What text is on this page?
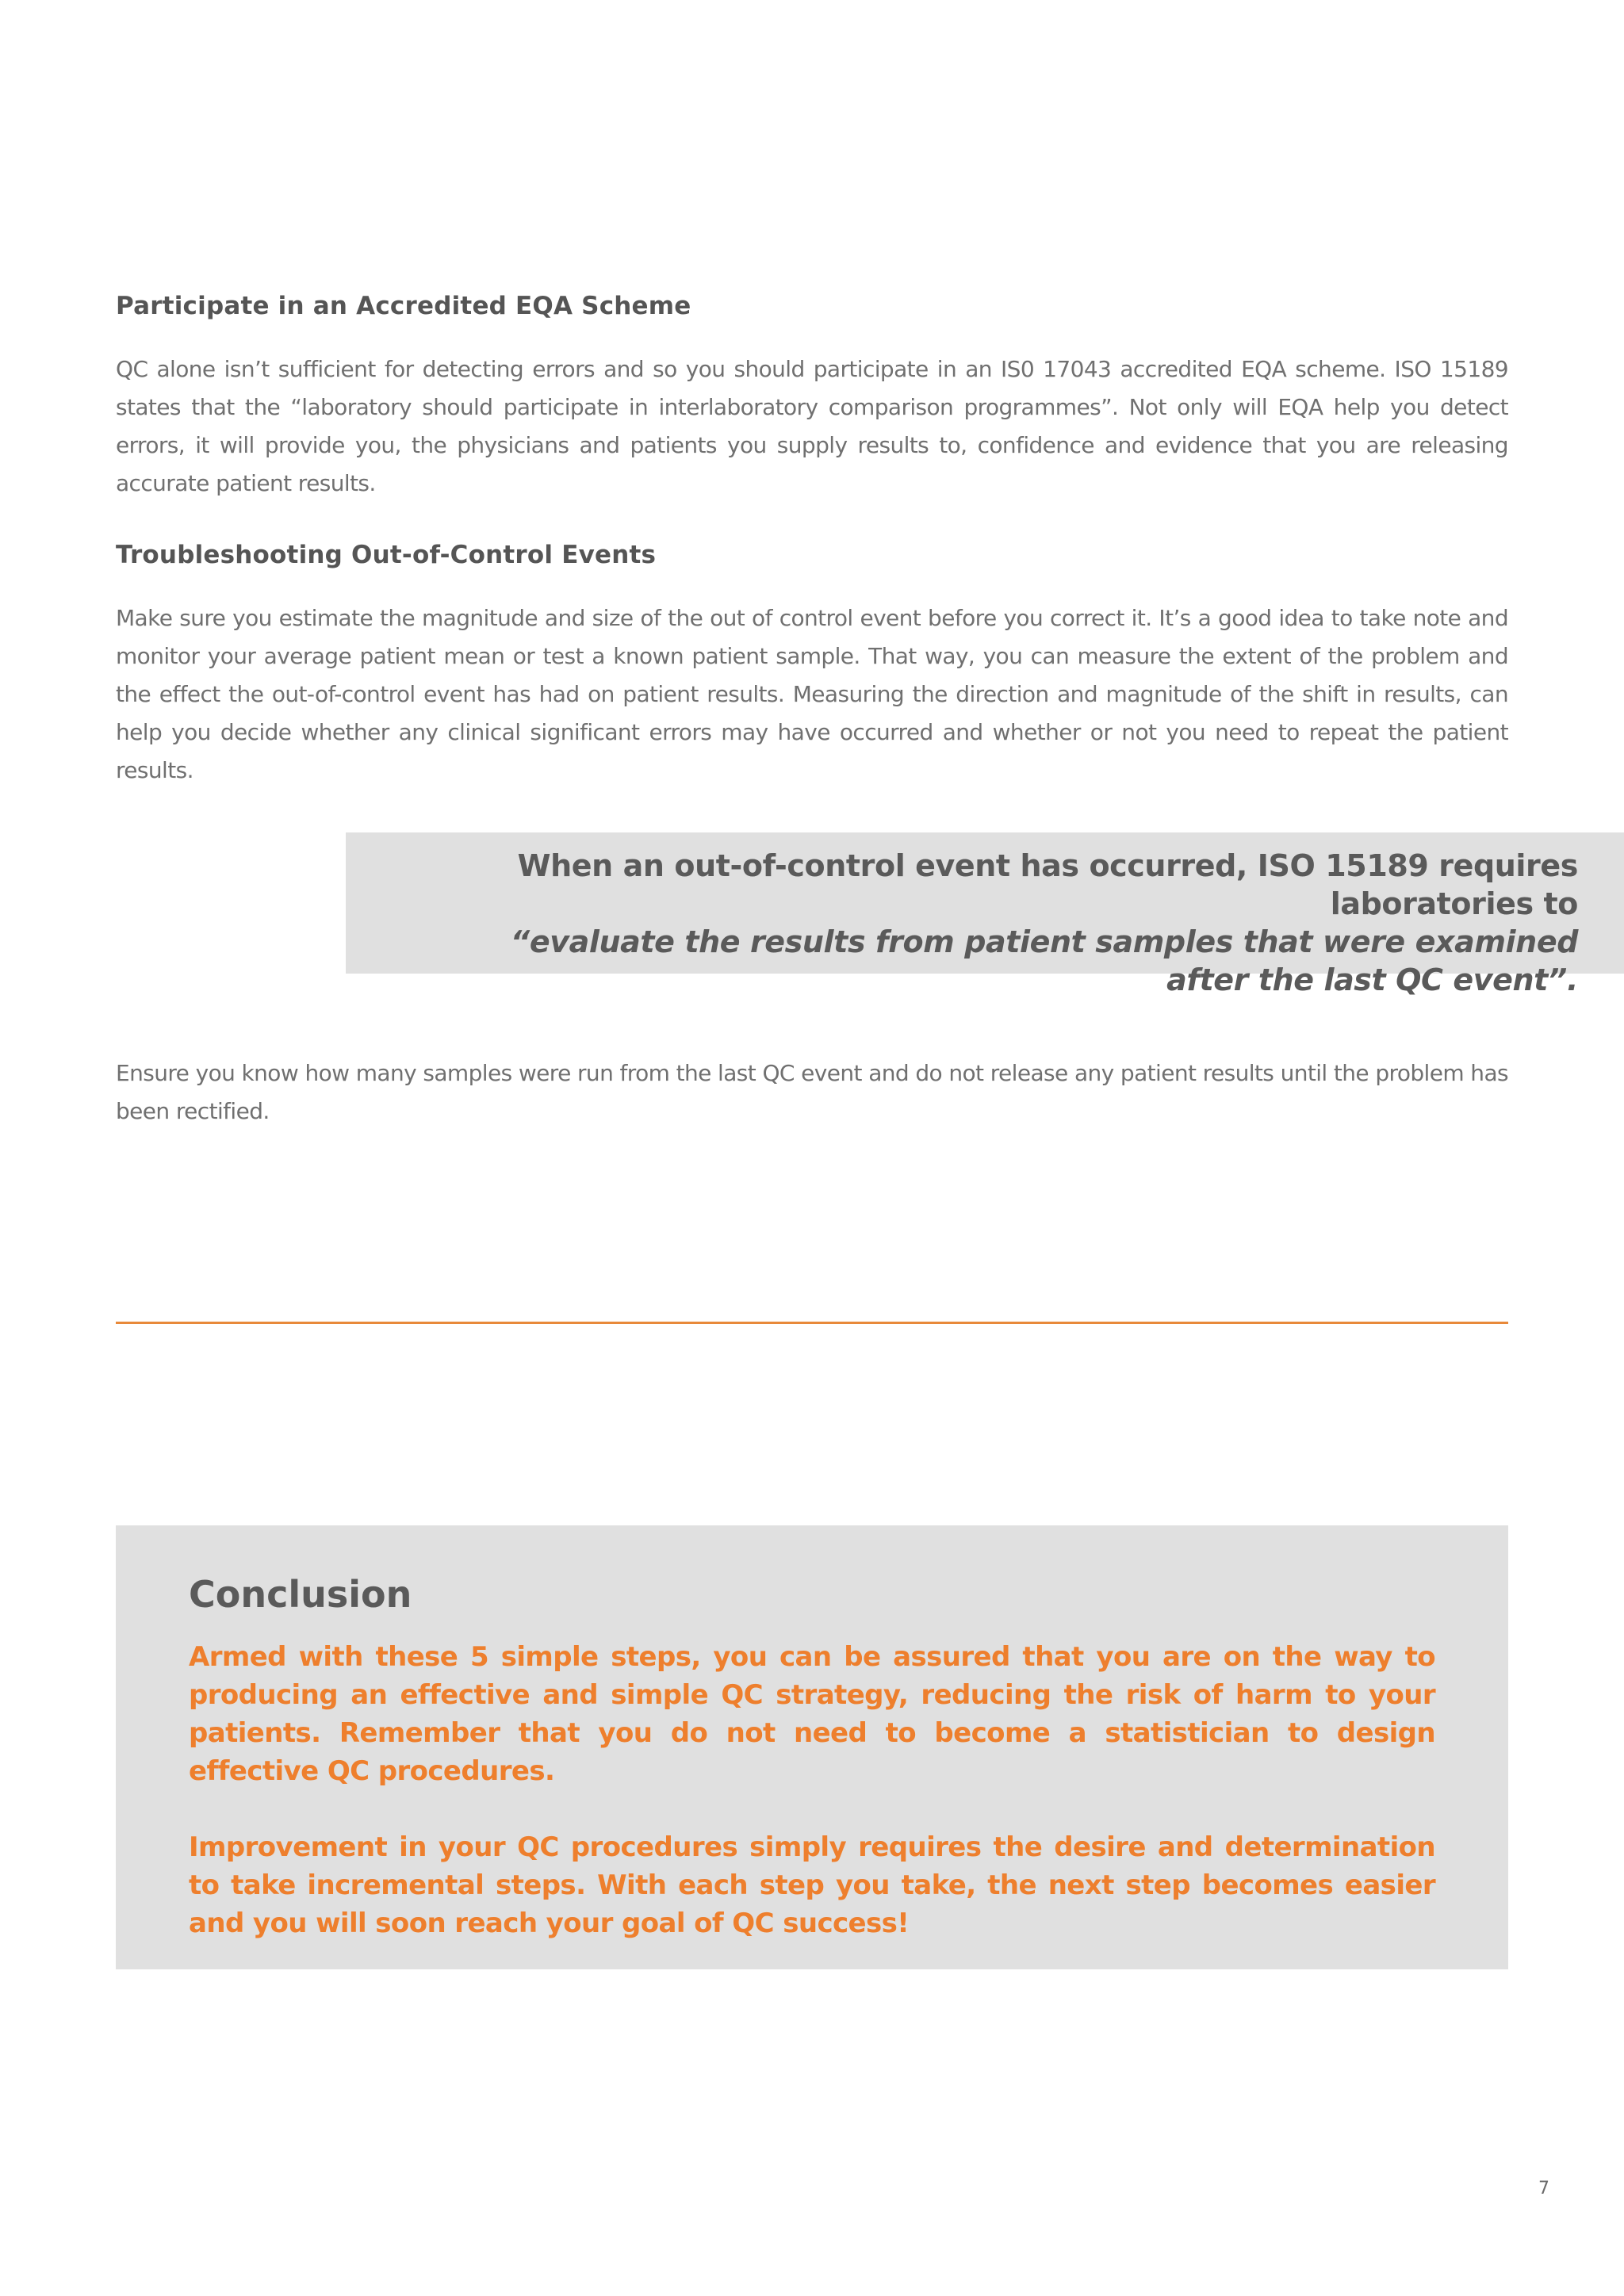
Participate in an Accredited EQA Scheme

QC alone isn’t sufficient for detecting errors and so you should participate in an IS0 17043 accredited EQA scheme. ISO 15189 states that the “laboratory should participate in interlaboratory comparison programmes”. Not only will EQA help you detect errors, it will provide you, the physicians and patients you supply results to, confidence and evidence that you are releasing accurate patient results.

Troubleshooting Out-of-Control Events

Make sure you estimate the magnitude and size of the out of control event before you correct it. It’s a good idea to take note and monitor your average patient mean or test a known patient sample. That way, you can measure the extent of the problem and the effect the out-of-control event has had on patient results. Measuring the direction and magnitude of the shift in results, can help you decide whether any clinical significant errors may have occurred and whether or not you need to repeat the patient results.

When an out-of-control event has occurred, ISO 15189 requires laboratories to
“evaluate the results from patient samples that were examined
after the last QC event”.

Ensure you know how many samples were run from the last QC event and do not release any patient results until the problem has been rectified.

Conclusion

Armed with these 5 simple steps, you can be assured that you are on the way to producing an effective and simple QC strategy, reducing the risk of harm to your patients. Remember that you do not need to become a statistician to design effective QC procedures.

Improvement in your QC procedures simply requires the desire and determination to take incremental steps. With each step you take, the next step becomes easier and you will soon reach your goal of QC success!

7
